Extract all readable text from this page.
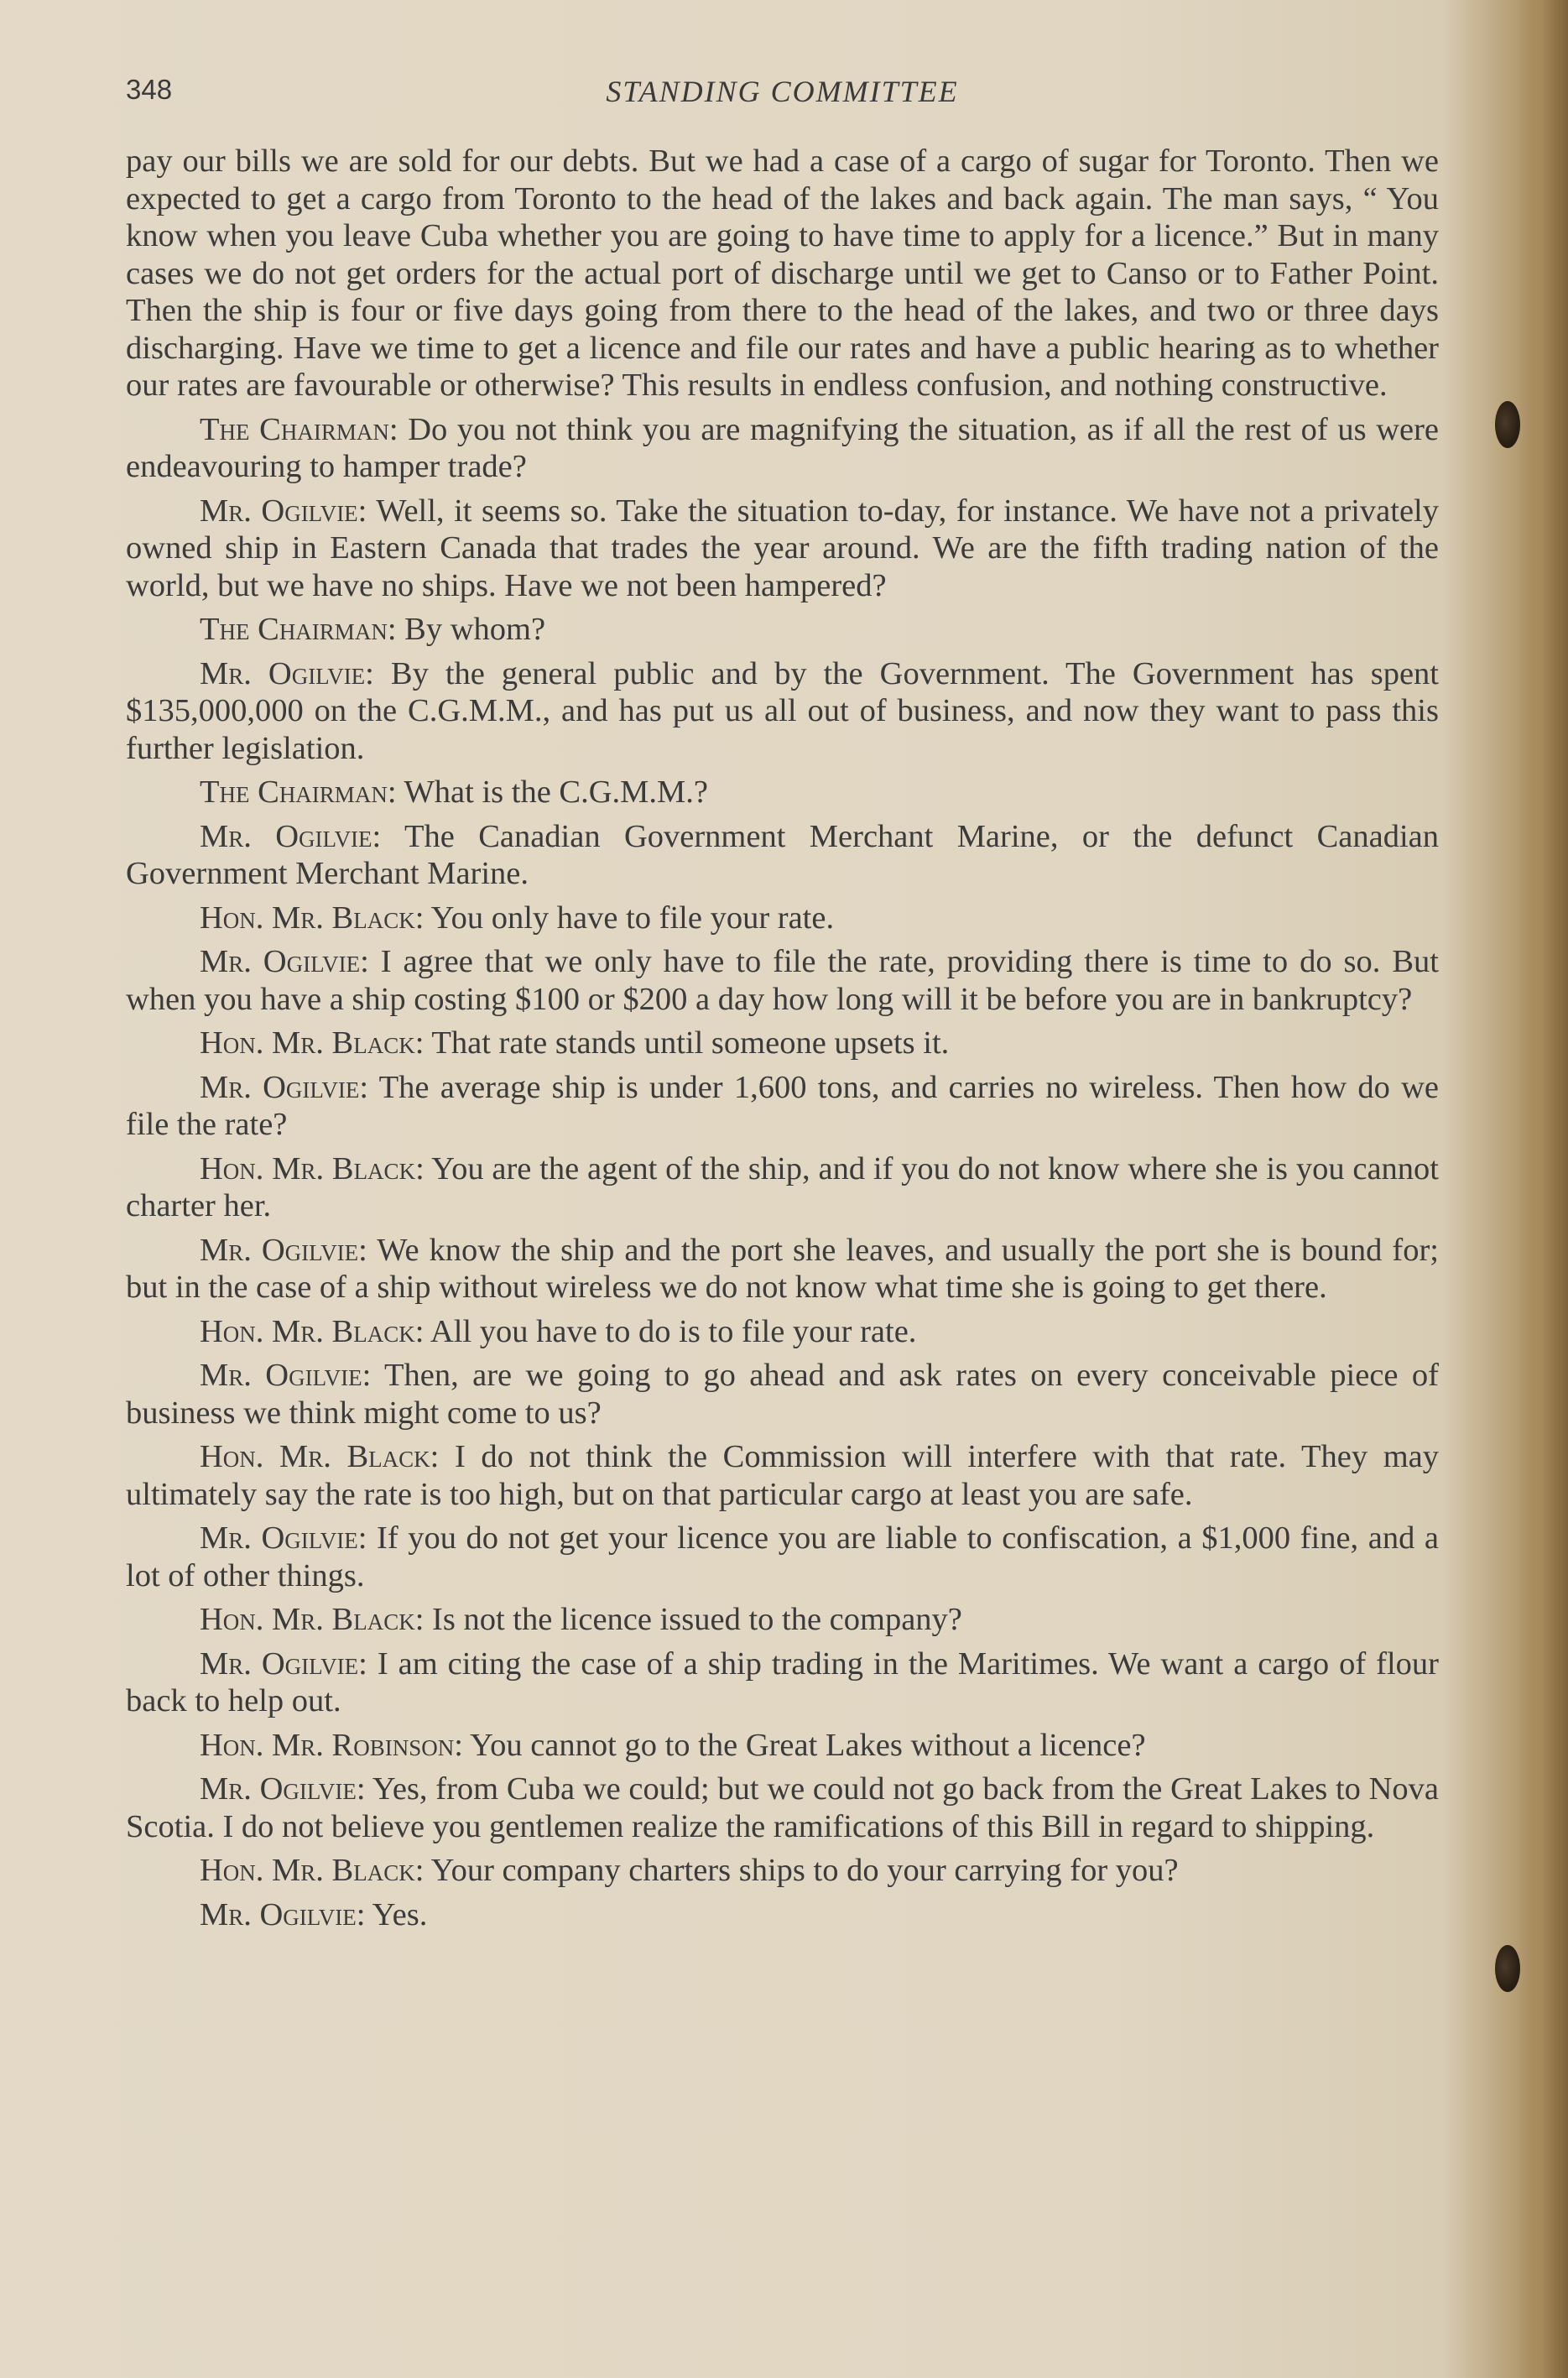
348	STANDING COMMITTEE

pay our bills we are sold for our debts. But we had a case of a cargo of sugar for Toronto. Then we expected to get a cargo from Toronto to the head of the lakes and back again. The man says, “ You know when you leave Cuba whether you are going to have time to apply for a licence.” But in many cases we do not get orders for the actual port of discharge until we get to Canso or to Father Point. Then the ship is four or five days going from there to the head of the lakes, and two or three days discharging. Have we time to get a licence and file our rates and have a public hearing as to whether our rates are favourable or otherwise? This results in endless confusion, and nothing constructive.

The Chairman: Do you not think you are magnifying the situation, as if all the rest of us were endeavouring to hamper trade?

Mr. Ogilvie: Well, it seems so. Take the situation to-day, for instance. We have not a privately owned ship in Eastern Canada that trades the year around. We are the fifth trading nation of the world, but we have no ships. Have we not been hampered?

The Chairman: By whom?

Mr. Ogilvie: By the general public and by the Government. The Government has spent $135,000,000 on the C.G.M.M., and has put us all out of business, and now they want to pass this further legislation.

The Chairman: What is the C.G.M.M.?

Mr. Ogilvie: The Canadian Government Merchant Marine, or the defunct Canadian Government Merchant Marine.

Hon. Mr. Black: You only have to file your rate.

Mr. Ogilvie: I agree that we only have to file the rate, providing there is time to do so. But when you have a ship costing $100 or $200 a day how long will it be before you are in bankruptcy?

Hon. Mr. Black: That rate stands until someone upsets it.

Mr. Ogilvie: The average ship is under 1,600 tons, and carries no wireless. Then how do we file the rate?

Hon. Mr. Black: You are the agent of the ship, and if you do not know where she is you cannot charter her.

Mr. Ogilvie: We know the ship and the port she leaves, and usually the port she is bound for; but in the case of a ship without wireless we do not know what time she is going to get there.

Hon. Mr. Black: All you have to do is to file your rate.

Mr. Ogilvie: Then, are we going to go ahead and ask rates on every conceivable piece of business we think might come to us?

Hon. Mr. Black: I do not think the Commission will interfere with that rate. They may ultimately say the rate is too high, but on that particular cargo at least you are safe.

Mr. Ogilvie: If you do not get your licence you are liable to confiscation, a $1,000 fine, and a lot of other things.

Hon. Mr. Black: Is not the licence issued to the company?

Mr. Ogilvie: I am citing the case of a ship trading in the Maritimes. We want a cargo of flour back to help out.

Hon. Mr. Robinson: You cannot go to the Great Lakes without a licence?

Mr. Ogilvie: Yes, from Cuba we could; but we could not go back from the Great Lakes to Nova Scotia. I do not believe you gentlemen realize the ramifications of this Bill in regard to shipping.

Hon. Mr. Black: Your company charters ships to do your carrying for you?

Mr. Ogilvie: Yes.
